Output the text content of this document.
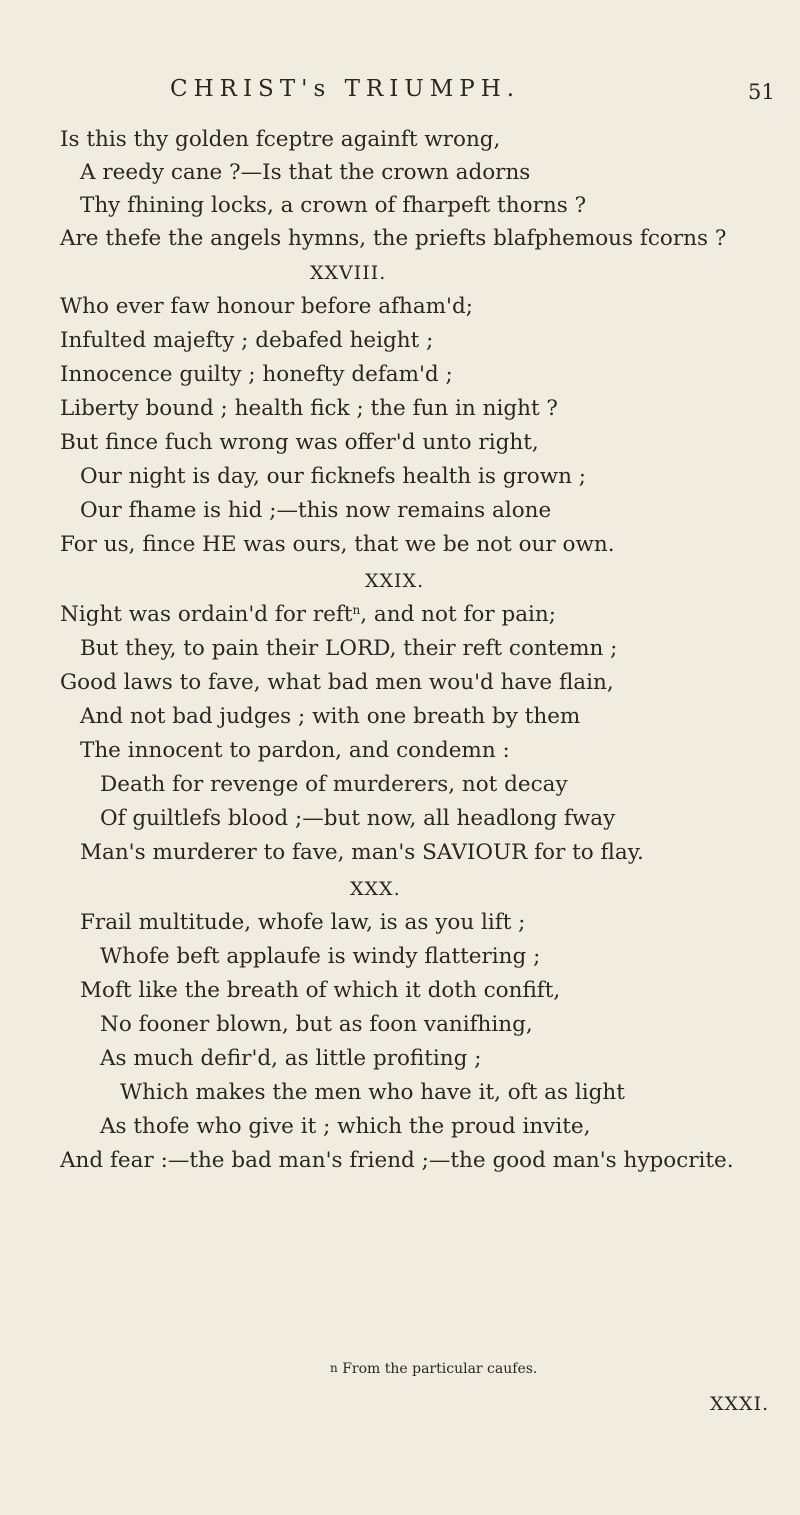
CHRIST's TRIUMPH.	51
Is this thy golden fceptre againft wrong,
A reedy cane ?—Is that the crown adorns
Thy fhining locks, a crown of fharpeft thorns ?
Are thefe the angels hymns, the priefts blafphemous fcorns ?
XXVIII.
Who ever faw honour before afham'd;
Infulted majefty ; debafed height ;
Innocence guilty ; honefty defam'd ;
Liberty bound ; health fick ; the fun in night ?
But fince fuch wrong was offer'd unto right,
Our night is day, our ficknefs health is grown ;
Our fhame is hid ;—this now remains alone
For us, fince HE was ours, that we be not our own.
XXIX.
Night was ordain'd for reft$^n$, and not for pain;
But they, to pain their LORD, their reft contemn ;
Good laws to fave, what bad men wou'd have flain,
And not bad judges ; with one breath by them
The innocent to pardon, and condemn :
Death for revenge of murderers, not decay
Of guiltlefs blood ;—but now, all headlong fway
Man's murderer to fave, man's SAVIOUR for to flay.
XXX.
Frail multitude, whofe law, is as you lift ;
Whofe beft applaufe is windy flattering ;
Moft like the breath of which it doth confift,
No fooner blown, but as foon vanifhing,
As much defir'd, as little profiting ;
Which makes the men who have it, oft as light
As thofe who give it ; which the proud invite,
And fear :—the bad man's friend ;—the good man's hypocrite.
n From the particular caufes.
XXXI.
